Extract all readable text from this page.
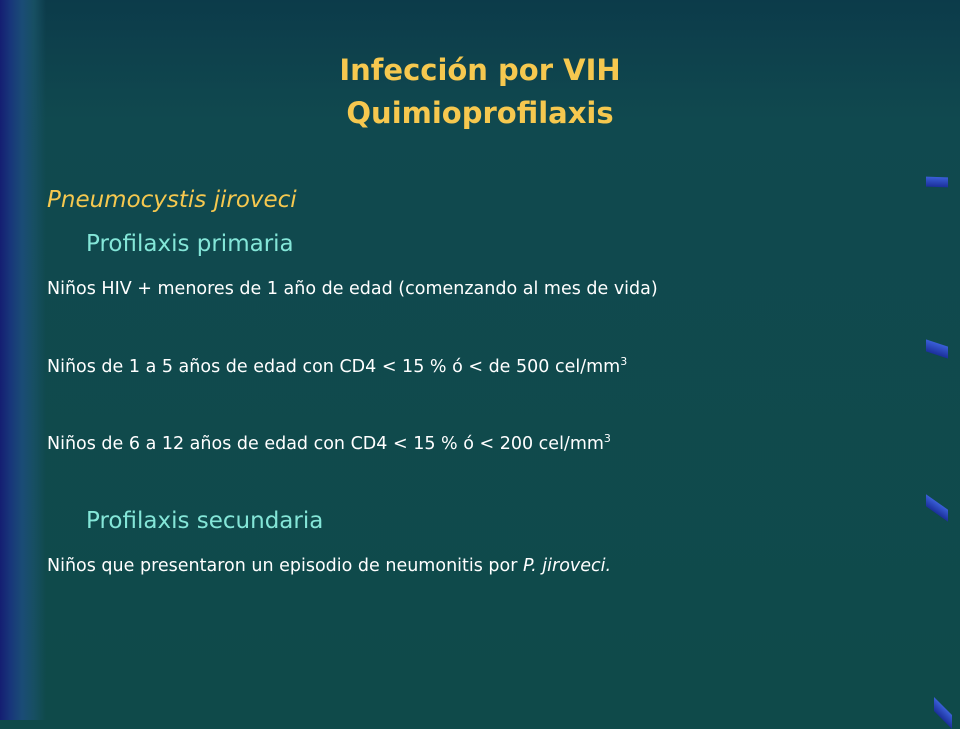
Infección por VIH
Quimioprofilaxis
Pneumocystis jiroveci
Profilaxis primaria
Niños HIV + menores de 1 año de edad (comenzando al mes de vida)
Niños de 1 a 5 años de edad con CD4 < 15 % ó < de 500 cel/$mm^3$
Niños de 6 a 12 años de edad con CD4 < 15 % ó < 200 cel/$mm^3$
Profilaxis secundaria
Niños que presentaron un episodio de neumonitis por P. jiroveci.
